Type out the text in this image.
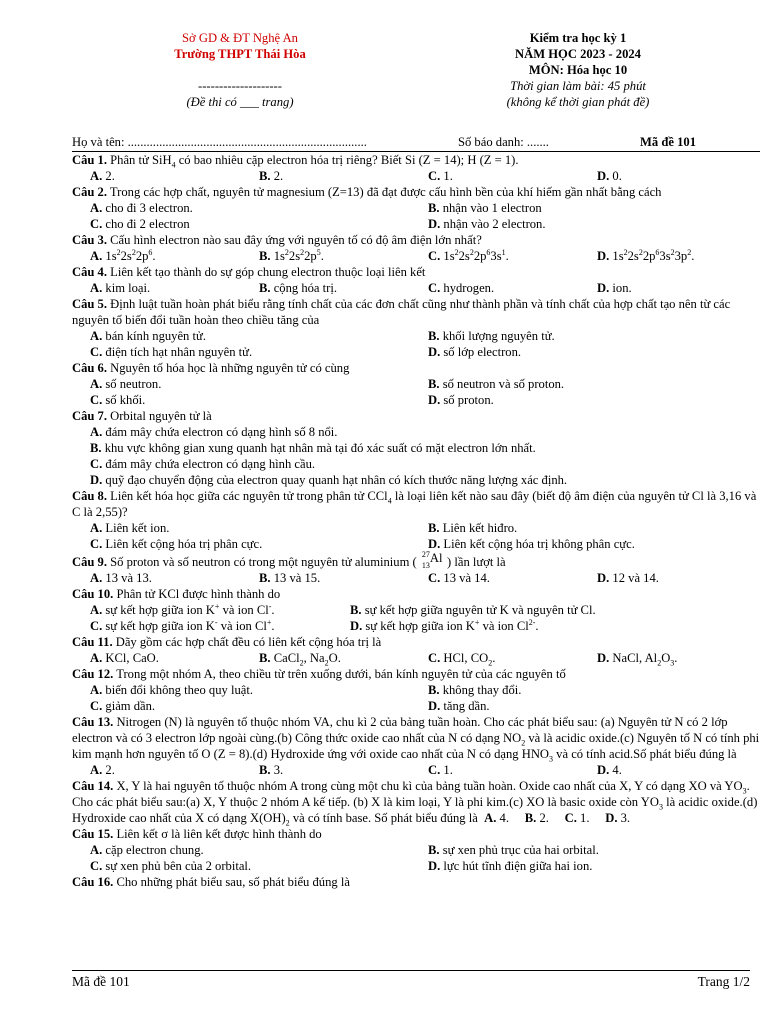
Sở GD & ĐT Nghệ An
Trường THPT Thái Hòa
--------------------
(Đề thi có ___ trang)
Kiểm tra học kỳ 1
NĂM HỌC 2023 - 2024
MÔN: Hóa học 10
Thời gian làm bài: 45 phút
(không kể thời gian phát đề)
Họ và tên: ............................................................................	Số báo danh: .......	Mã đề 101
Câu 1. Phân tử SiH$_4$ có bao nhiêu cặp electron hóa trị riêng? Biết Si (Z = 14); H (Z = 1).
A. 2.	B. 2.	C. 1.	D. 0.
Câu 2. Trong các hợp chất, nguyên tử magnesium (Z=13) đã đạt được cấu hình bền của khí hiếm gần nhất bằng cách
A. cho đi 3 electron.	B. nhận vào 1 electron
C. cho đi 2 electron	D. nhận vào 2 electron.
Câu 3. Cấu hình electron nào sau đây ứng với nguyên tố có độ âm điện lớn nhất?
A. $1s^22s^22p^6$.	B. $1s^22s^22p^5$.	C. $1s^22s^22p^63s^1$.	D. $1s^22s^22p^63s^23p^2$.
Câu 4. Liên kết tạo thành do sự góp chung electron thuộc loại liên kết
A. kim loại.	B. cộng hóa trị.	C. hydrogen.	D. ion.
Câu 5. Định luật tuần hoàn phát biểu rằng tính chất của các đơn chất cũng như thành phần và tính chất của hợp chất tạo nên từ các nguyên tố biến đổi tuần hoàn theo chiều tăng của
A. bán kính nguyên tử.	B. khối lượng nguyên tử.
C. điện tích hạt nhân nguyên tử.	D. số lớp electron.
Câu 6. Nguyên tố hóa học là những nguyên tử có cùng
A. số neutron.	B. số neutron và số proton.
C. số khối.	D. số proton.
Câu 7. Orbital nguyên tử là
A. đám mây chứa electron có dạng hình số 8 nổi.
B. khu vực không gian xung quanh hạt nhân mà tại đó xác suất có mặt electron lớn nhất.
C. đám mây chứa electron có dạng hình cầu.
D. quỹ đạo chuyển động của electron quay quanh hạt nhân có kích thước năng lượng xác định.
Câu 8. Liên kết hóa học giữa các nguyên tử trong phân tử CCl$_4$ là loại liên kết nào sau đây (biết độ âm điện của nguyên tử Cl là 3,16 và C là 2,55)?
A. Liên kết ion.	B. Liên kết hiđro.
C. Liên kết cộng hóa trị phân cực.	D. Liên kết cộng hóa trị không phân cực.
Câu 9. Số proton và số neutron có trong một nguyên tử aluminium (
27
13
Al ) lần lượt là
A. 13 và 13.	B. 13 và 15.	C. 13 và 14.	D. 12 và 14.
Câu 10. Phân tử KCl được hình thành do
A. sự kết hợp giữa ion K+ và ion Cl-.	B. sự kết hợp giữa nguyên tử K và nguyên tử Cl.
C. sự kết hợp giữa ion K- và ion Cl+.	D. sự kết hợp giữa ion K+ và ion $Cl^{2-}$.
Câu 11. Dãy gồm các hợp chất đều có liên kết cộng hóa trị là
A. KCl, CaO.	B. CaCl$_2$, $Na_2O$.	C. HCl, $CO_2$.	D. NaCl, $Al_2O_3$.
Câu 12. Trong một nhóm A, theo chiều từ trên xuống dưới, bán kính nguyên tử của các nguyên tố
A. biến đổi không theo quy luật.	B. không thay đổi.
C. giảm dần.	D. tăng dần.
Câu 13. Nitrogen (N) là nguyên tố thuộc nhóm VA, chu kì 2 của bảng tuần hoàn. Cho các phát biểu sau: (a) Nguyên tử N có 2 lớp electron và có 3 electron lớp ngoài cùng.(b) Công thức oxide cao nhất của N có dạng $NO_2$ và là acidic oxide.(c) Nguyên tố N có tính phi kim mạnh hơn nguyên tố O (Z = 8).(d) Hydroxide ứng với oxide cao nhất của N có dạng $HNO_3$ và có tính acid.Số phát biểu đúng là
A. 2.	B. 3.	C. 1.	D. 4.
Câu 14. X, Y là hai nguyên tố thuộc nhóm A trong cùng một chu kì của bảng tuần hoàn. Oxide cao nhất của X, Y có dạng XO và $YO_3$. Cho các phát biểu sau:(a) X, Y thuộc 2 nhóm A kế tiếp. (b) X là kim loại, Y là phi kim.(c) XO là basic oxide còn $YO_3$ là acidic oxide.(d) Hydroxide cao nhất của X có dạng $X(OH)_2$ và có tính base. Số phát biểu đúng là  A. 4.     B. 2.     C. 1.     D. 3.
Câu 15. Liên kết σ là liên kết được hình thành do
A. cặp electron chung.	B. sự xen phủ trục của hai orbital.
C. sự xen phủ bên của 2 orbital.	D. lực hút tĩnh điện giữa hai ion.
Câu 16. Cho những phát biểu sau, số phát biểu đúng là
Mã đề 101	Trang 1/2
